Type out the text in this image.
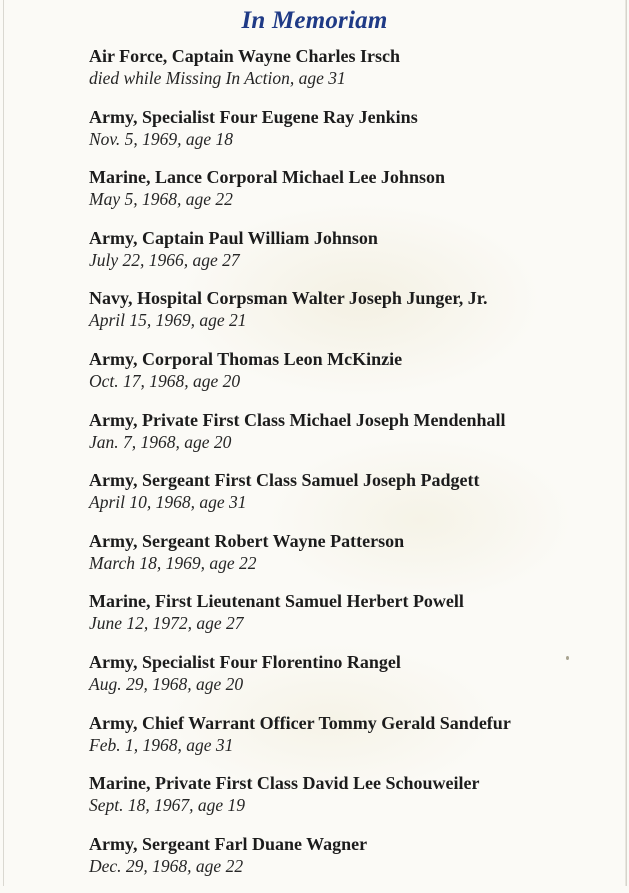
In Memoriam
Air Force, Captain Wayne Charles Irsch
died while Missing In Action, age 31
Army, Specialist Four Eugene Ray Jenkins
Nov. 5, 1969, age 18
Marine, Lance Corporal Michael Lee Johnson
May 5, 1968, age 22
Army, Captain Paul William Johnson
July 22, 1966, age 27
Navy, Hospital Corpsman Walter Joseph Junger, Jr.
April 15, 1969, age 21
Army, Corporal Thomas Leon McKinzie
Oct. 17, 1968, age 20
Army, Private First Class Michael Joseph Mendenhall
Jan. 7, 1968, age 20
Army, Sergeant First Class Samuel Joseph Padgett
April 10, 1968, age 31
Army, Sergeant Robert Wayne Patterson
March 18, 1969, age 22
Marine, First Lieutenant Samuel Herbert Powell
June 12, 1972, age 27
Army, Specialist Four Florentino Rangel
Aug. 29, 1968, age 20
Army, Chief Warrant Officer Tommy Gerald Sandefur
Feb. 1, 1968, age 31
Marine, Private First Class David Lee Schouweiler
Sept. 18, 1967, age 19
Army, Sergeant Farl Duane Wagner
Dec. 29, 1968, age 22
